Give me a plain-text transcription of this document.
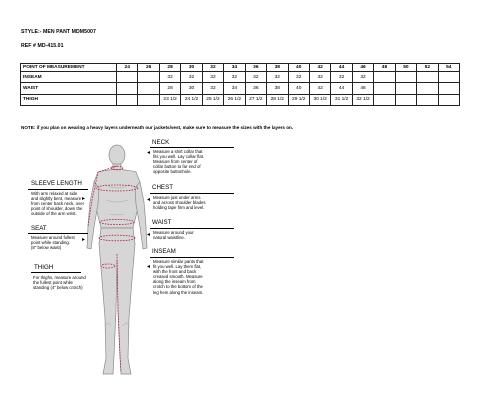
STYLE:- MEN PANT MDM5007
REF # MD-415.01
POINT OF MEASUREMENT	24	26	28	30	32	34	36	38	40	42	44	46	48	50	52	54
INSEAM			32	32	32	32	32	32	32	32	32	32				
WAIST			28	30	32	34	36	38	40	42	44	46				
THIGH			23 1/2	24 1/2	25 1/2	26 1/2	27 1/2	28 1/2	29 1/2	30 1/2	31 1/2	32 1/2				
NOTE: if you plan on wearing a heavy layers underneath our jackets/vest, make sure to measure the sizes with the layers on.
◂
NECK
Measure a shirt collar that
fits you well. Lay collar flat.
Measure from center of
collar button to far end of
opposite buttonhole.
◂
CHEST
Measure just under arms
and across shoulder blades
holding tape firm and level.
◂
WAIST
Measure around your
natural waistline.
◂
INSEAM
Measure similar pants that
fit you well. Lay them flat,
with the front and back
creased smooth. Measure
along the inseam from
crotch to the bottom of the
leg hem along the inseam.
SLEEVE LENGTH
▸
With arm relaxed at side
and slightly bent, measure
from center back neck, over
point of shoulder, down the
outside of the arm wrist.
SEAT
▸
Measure around fullest
point while standing.
(8" below waist)
THIGH
For thighs, measure around
the fullest point while
standing (4" below crotch)
